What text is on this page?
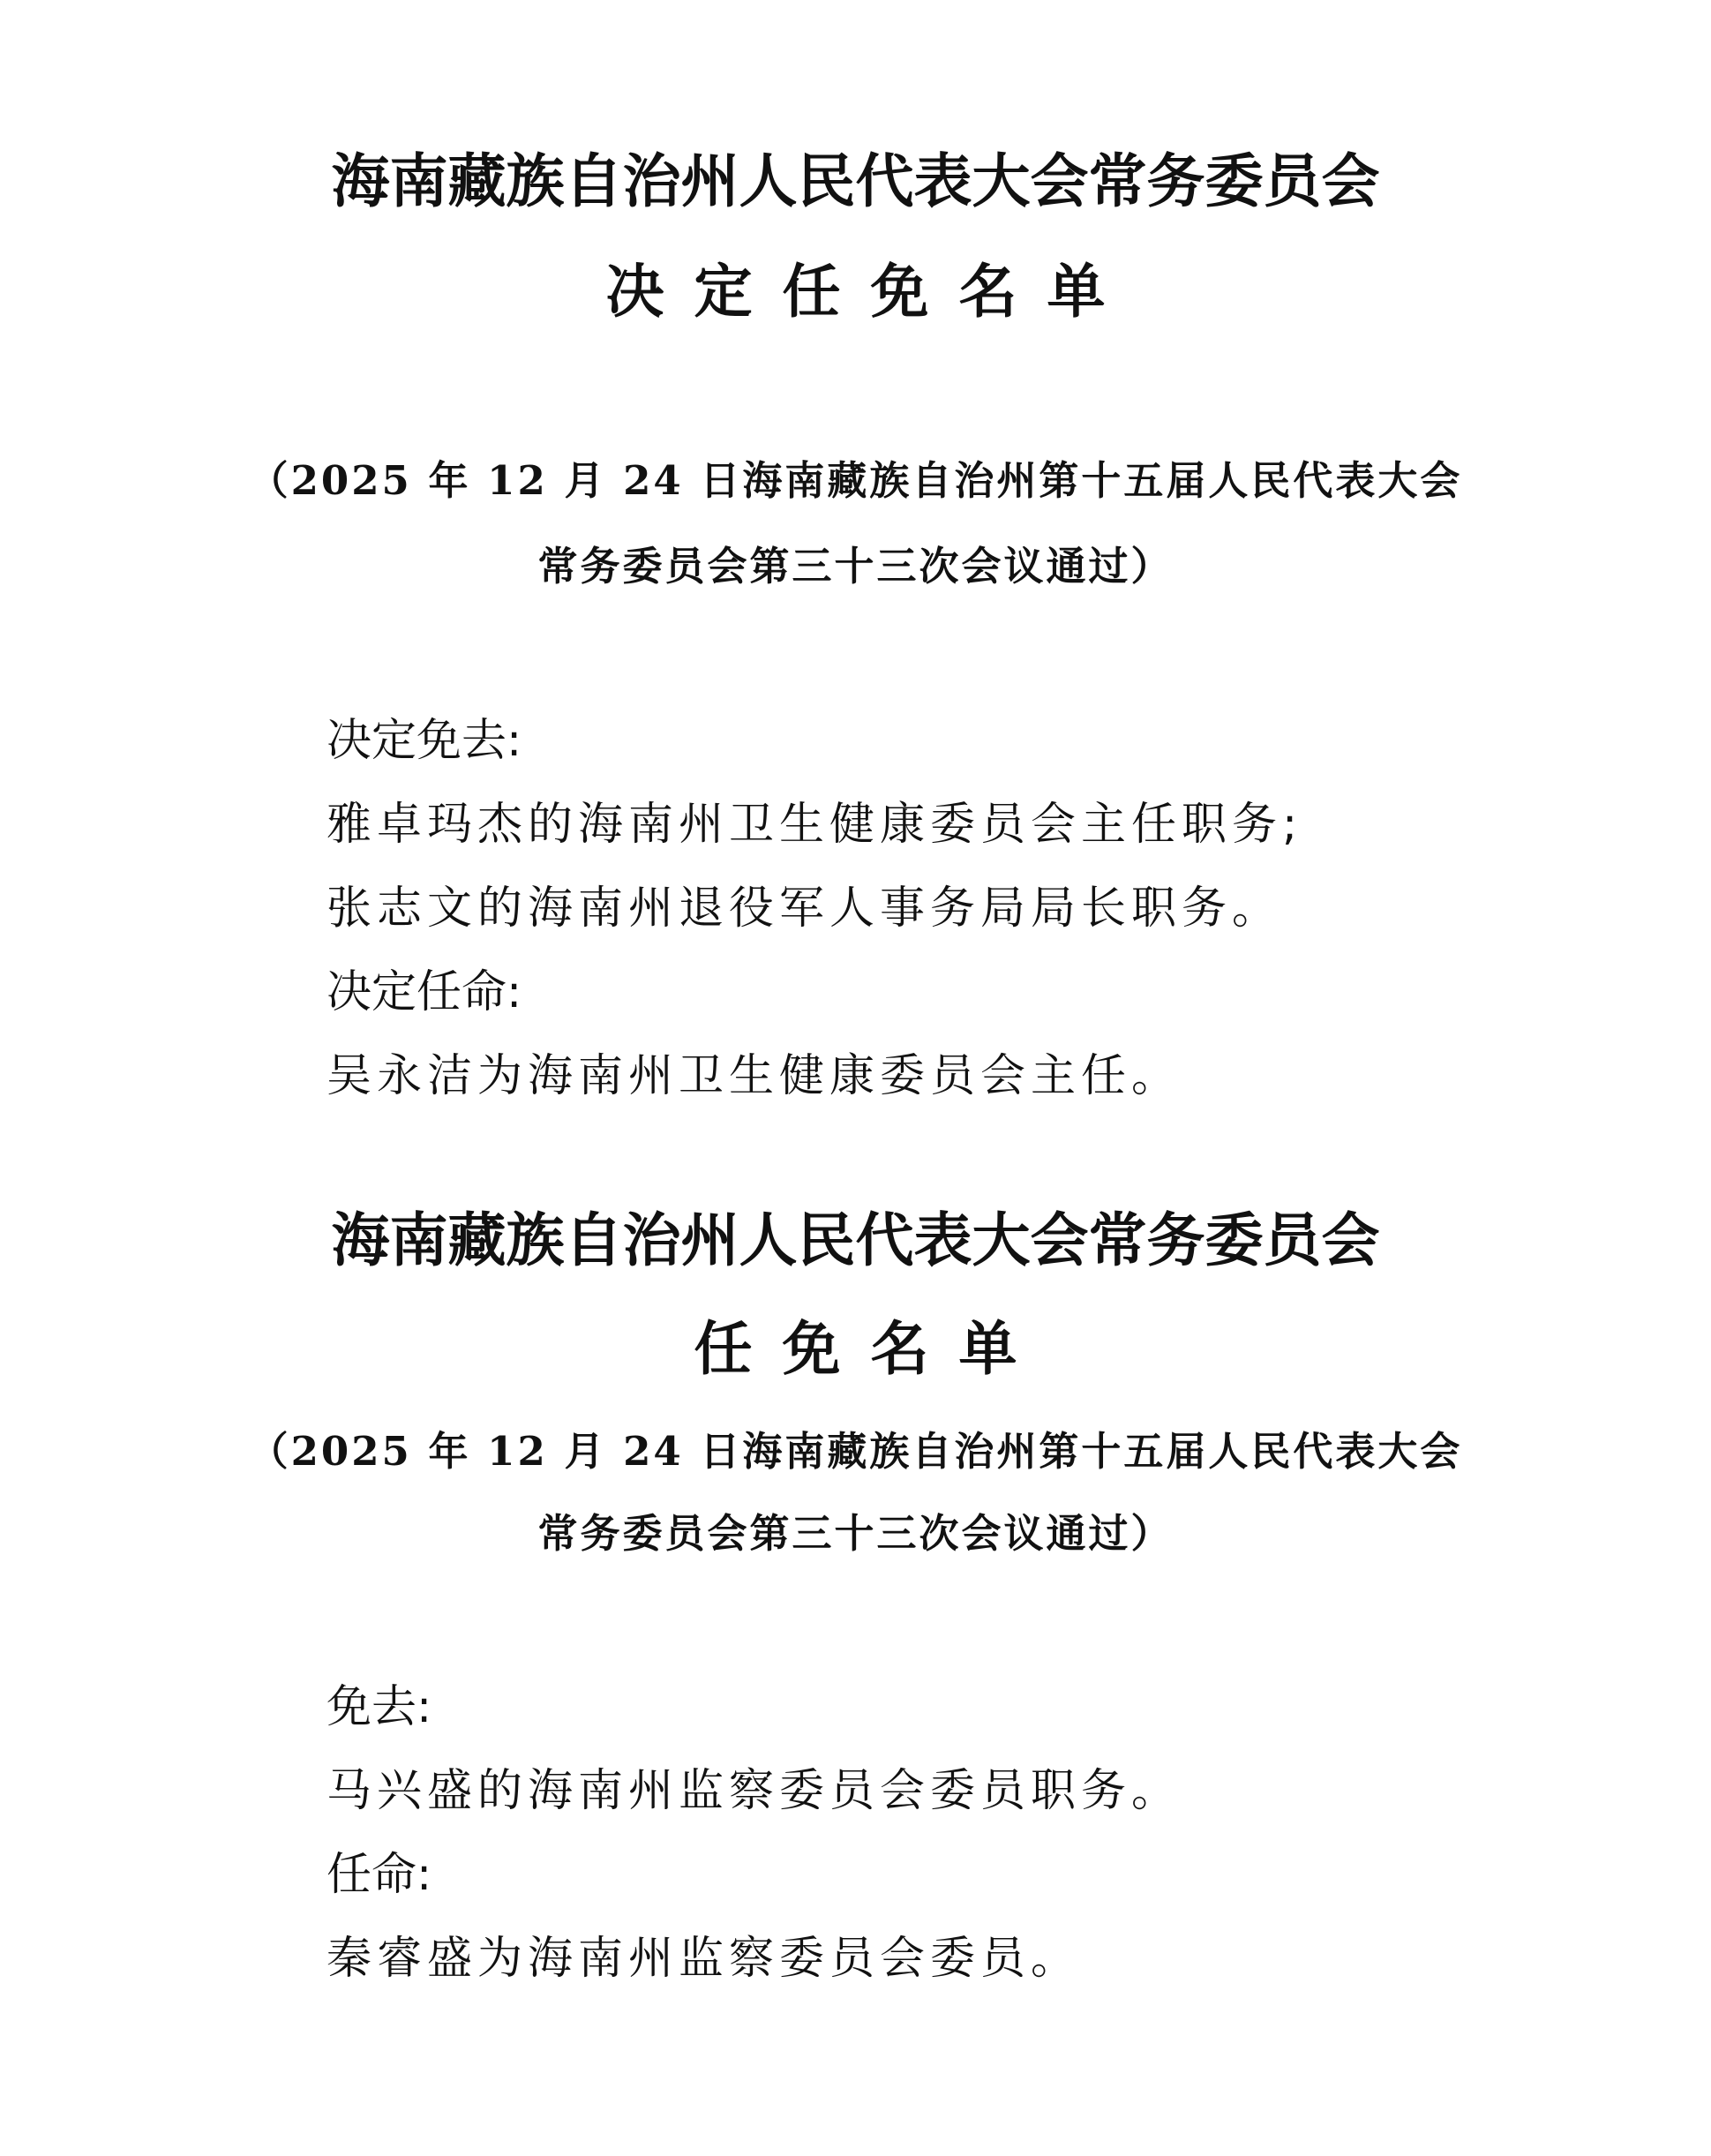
海南藏族自治州人民代表大会常务委员会
决定任免名单
（2025 年 12 月 24 日海南藏族自治州第十五届人民代表大会
常务委员会第三十三次会议通过）
决定免去:
雅卓玛杰的海南州卫生健康委员会主任职务;
张志文的海南州退役军人事务局局长职务。
决定任命:
吴永洁为海南州卫生健康委员会主任。
海南藏族自治州人民代表大会常务委员会
任免名单
（2025 年 12 月 24 日海南藏族自治州第十五届人民代表大会
常务委员会第三十三次会议通过）
免去:
马兴盛的海南州监察委员会委员职务。
任命:
秦睿盛为海南州监察委员会委员。
